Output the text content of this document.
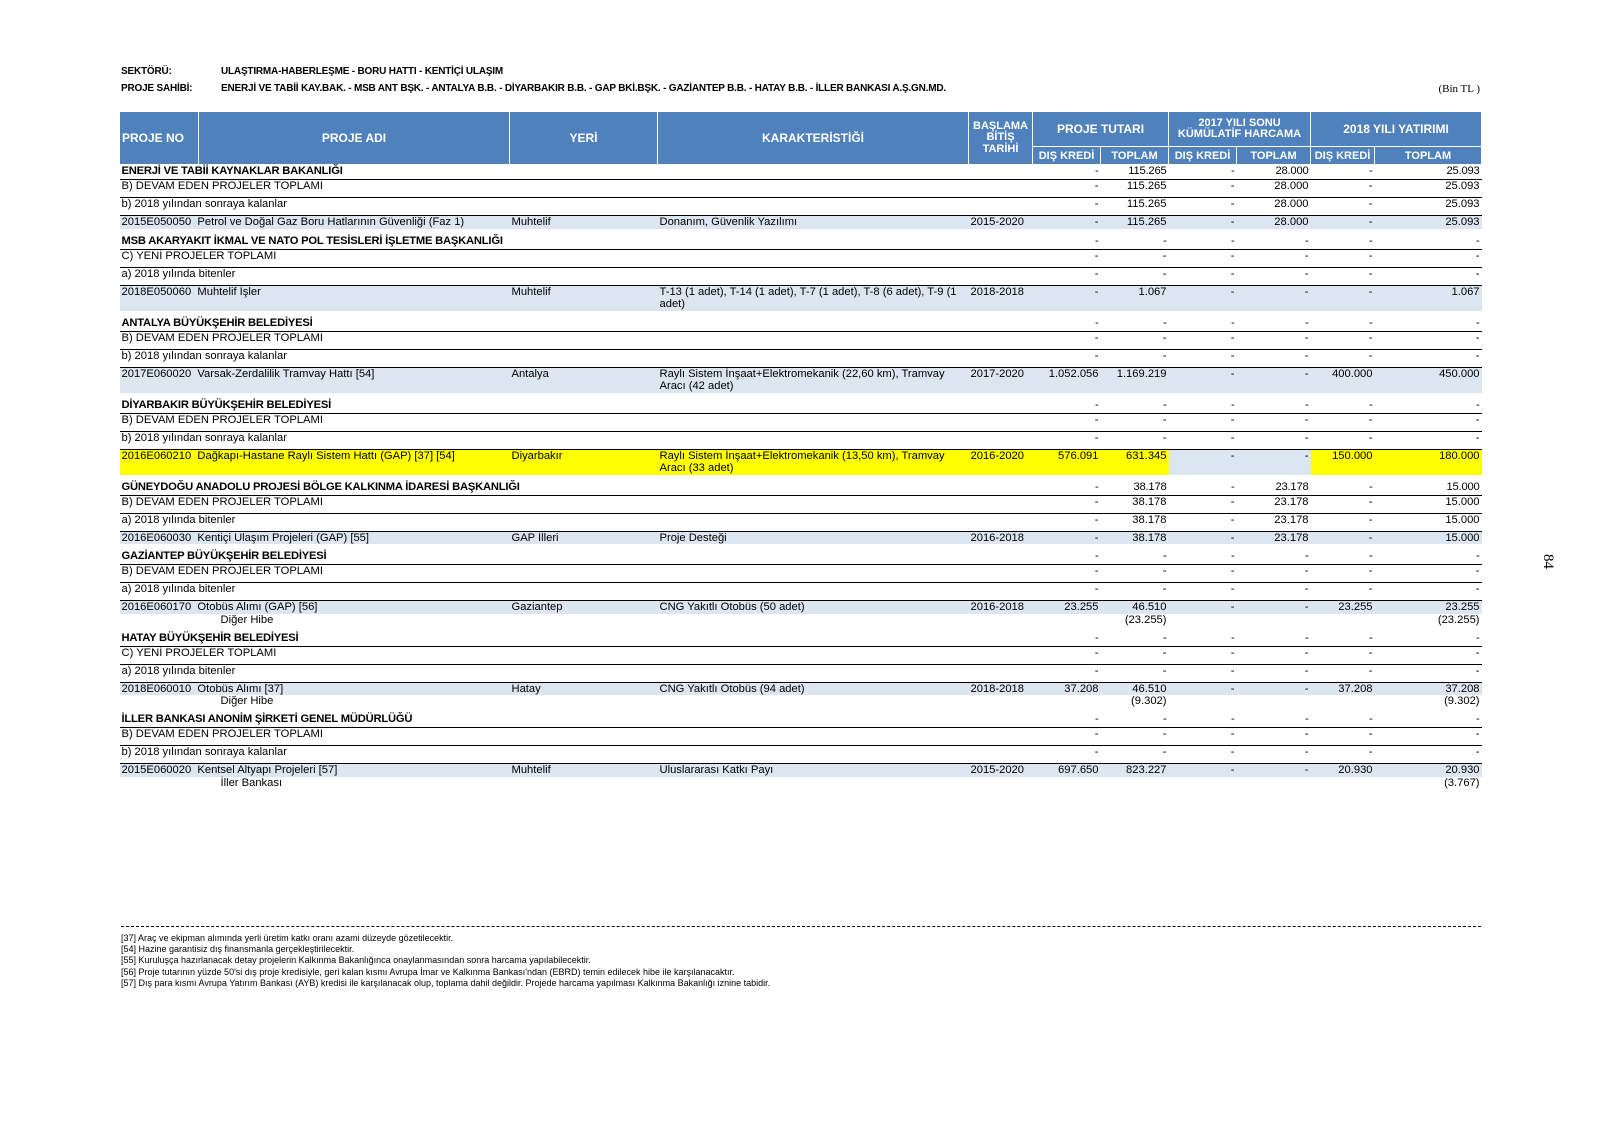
SEKTÖRÜ:	ULAŞTIRMA-HABERLEŞME - BORU HATTI - KENTİÇİ ULAŞIM
PROJE SAHİBİ:	ENERJİ VE TABİİ KAY.BAK. - MSB ANT BŞK. - ANTALYA B.B. - DİYARBAKIR B.B. - GAP BKİ.BŞK. - GAZİANTEP B.B. - HATAY B.B. - İLLER BANKASI A.Ş.GN.MD.	(Bin TL )
PROJE NO	PROJE ADI	YERİ	KARAKTERİSTİĞİ	BAŞLAMA BİTİŞ TARİHİ	PROJE TUTARI		2017 YILI SONU KÜMÜLATİF HARCAMA		2018 YILI YATIRIMI	
					DIŞ KREDİ	TOPLAM	DIŞ KREDİ	TOPLAM	DIŞ KREDİ	TOPLAM
ENERJİ VE TABİİ KAYNAKLAR BAKANLIĞI					-	115.265	-	28.000	-	25.093
B) DEVAM EDEN PROJELER TOPLAMI					-	115.265	-	28.000	-	25.093
b) 2018 yılından sonraya kalanlar					-	115.265	-	28.000	-	25.093
2015E050050 Petrol ve Doğal Gaz Boru Hatlarının Güvenliği (Faz 1)		Muhtelif	Donanım, Güvenlik Yazılımı	2015-2020	-	115.265	-	28.000	-	25.093

MSB AKARYAKIT İKMAL VE NATO POL TESİSLERİ İŞLETME BAŞKANLIĞI					-	-	-	-	-	-
C) YENİ PROJELER TOPLAMI					-	-	-	-	-	-
a) 2018 yılında bitenler					-	-	-	-	-	-
2018E050060 Muhtelif İşler		Muhtelif	T-13 (1 adet), T-14 (1 adet), T-7 (1 adet), T-8 (6 adet), T-9 (1 adet)	2018-2018	-	1.067	-	-	-	1.067

ANTALYA BÜYÜKŞEHİR BELEDİYESİ					-	-	-	-	-	-
B) DEVAM EDEN PROJELER TOPLAMI					-	-	-	-	-	-
b) 2018 yılından sonraya kalanlar					-	-	-	-	-	-
2017E060020 Varsak-Zerdalilik Tramvay Hattı [54]		Antalya	Raylı Sistem İnşaat+Elektromekanik (22,60 km), Tramvay Aracı (42 adet)	2017-2020	1.052.056	1.169.219	-	-	400.000	450.000

DİYARBAKIR BÜYÜKŞEHİR BELEDİYESİ					-	-	-	-	-	-
B) DEVAM EDEN PROJELER TOPLAMI					-	-	-	-	-	-
b) 2018 yılından sonraya kalanlar					-	-	-	-	-	-
2016E060210 Dağkapı-Hastane Raylı Sistem Hattı (GAP) [37] [54]		Diyarbakır	Raylı Sistem İnşaat+Elektromekanik (13,50 km), Tramvay Aracı (33 adet)	2016-2020	576.091	631.345	-	-	150.000	180.000

GÜNEYDOĞU ANADOLU PROJESİ BÖLGE KALKINMA İDARESİ BAŞKANLIĞI					-	38.178	-	23.178	-	15.000
B) DEVAM EDEN PROJELER TOPLAMI					-	38.178	-	23.178	-	15.000
a) 2018 yılında bitenler					-	38.178	-	23.178	-	15.000
2016E060030 Kentiçi Ulaşım Projeleri (GAP) [55]		GAP İlleri	Proje Desteği	2016-2018	-	38.178	-	23.178	-	15.000

GAZİANTEP BÜYÜKŞEHİR BELEDİYESİ					-	-	-	-	-	-
B) DEVAM EDEN PROJELER TOPLAMI					-	-	-	-	-	-
a) 2018 yılında bitenler					-	-	-	-	-	-
2016E060170 Otobüs Alımı (GAP) [56]		Gaziantep	CNG Yakıtlı Otobüs (50 adet)	2016-2018	23.255	46.510	-	-	23.255	23.255
Diğer Hibe						(23.255)				(23.255)
HATAY BÜYÜKŞEHİR BELEDİYESİ					-	-	-	-	-	-
C) YENİ PROJELER TOPLAMI					-	-	-	-	-	-
a) 2018 yılında bitenler					-	-	-	-	-	-
2018E060010 Otobüs Alımı [37]		Hatay	CNG Yakıtlı Otobüs (94 adet)	2018-2018	37.208	46.510	-	-	37.208	37.208
Diğer Hibe						(9.302)				(9.302)
İLLER BANKASI ANONİM ŞİRKETİ GENEL MÜDÜRLÜĞÜ					-	-	-	-	-	-
B) DEVAM EDEN PROJELER TOPLAMI					-	-	-	-	-	-
b) 2018 yılından sonraya kalanlar					-	-	-	-	-	-
2015E060020 Kentsel Altyapı Projeleri [57]		Muhtelif	Uluslararası Katkı Payı	2015-2020	697.650	823.227	-	-	20.930	20.930
İller Bankası										(3.767)
[37] Araç ve ekipman alımında yerli üretim katkı oranı azami düzeyde gözetilecektir.
[54] Hazine garantisiz dış finansmanla gerçekleştirilecektir.
[55] Kuruluşça hazırlanacak detay projelerin Kalkınma Bakanlığınca onaylanmasından sonra harcama yapılabilecektir.
[56] Proje tutarının yüzde 50'si dış proje kredisiyle, geri kalan kısmı Avrupa İmar ve Kalkınma Bankası'ndan (EBRD) temin edilecek hibe ile karşılanacaktır.
[57] Dış para kısmı Avrupa Yatırım Bankası (AYB) kredisi ile karşılanacak olup, toplama dahil değildir. Projede harcama yapılması Kalkınma Bakanlığı iznine tabidir.
84
